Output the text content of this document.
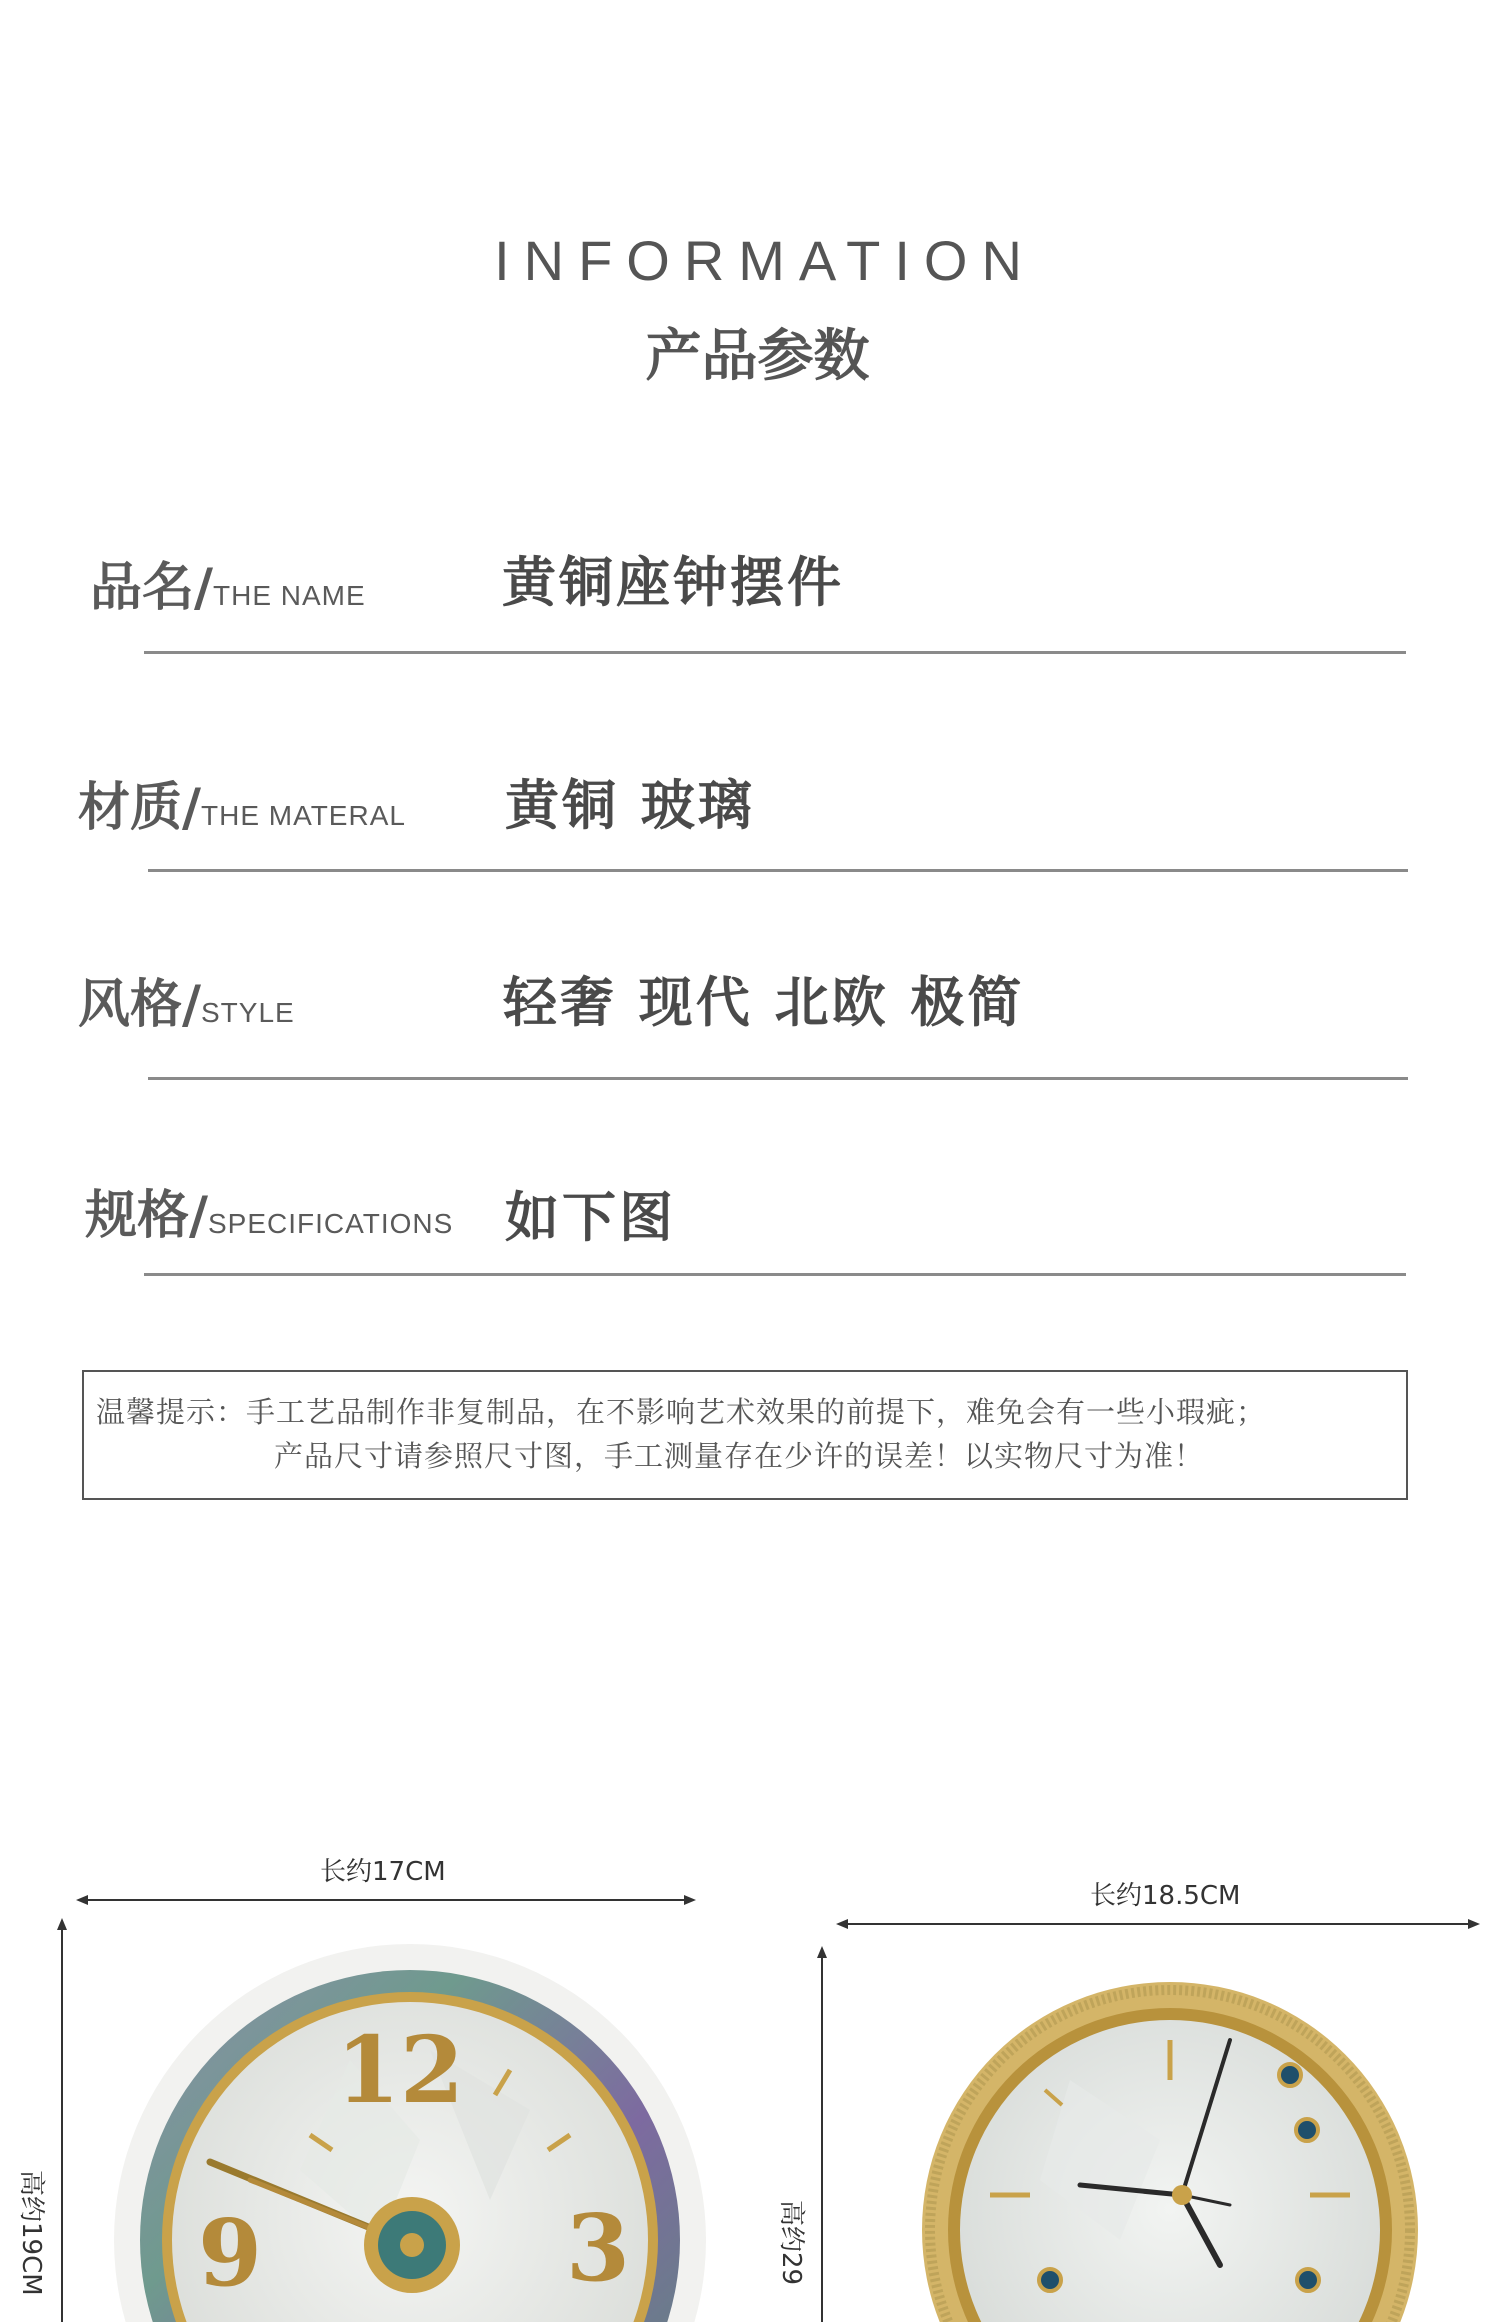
INFORMATION
产品参数
品名/THE NAME	黄铜座钟摆件
材质/THE MATERAL 黄铜 玻璃
风格/STYLE	轻奢 现代 北欧 极简
规格/SPECIFICATIONS 如下图
温馨提示：手工艺品制作非复制品，在不影响艺术效果的前提下，难免会有一些小瑕疵；
产品尺寸请参照尺寸图，手工测量存在少许的误差！以实物尺寸为准！
长约17CM
高约19CM
长约18.5CM
高约29
12
9	3
